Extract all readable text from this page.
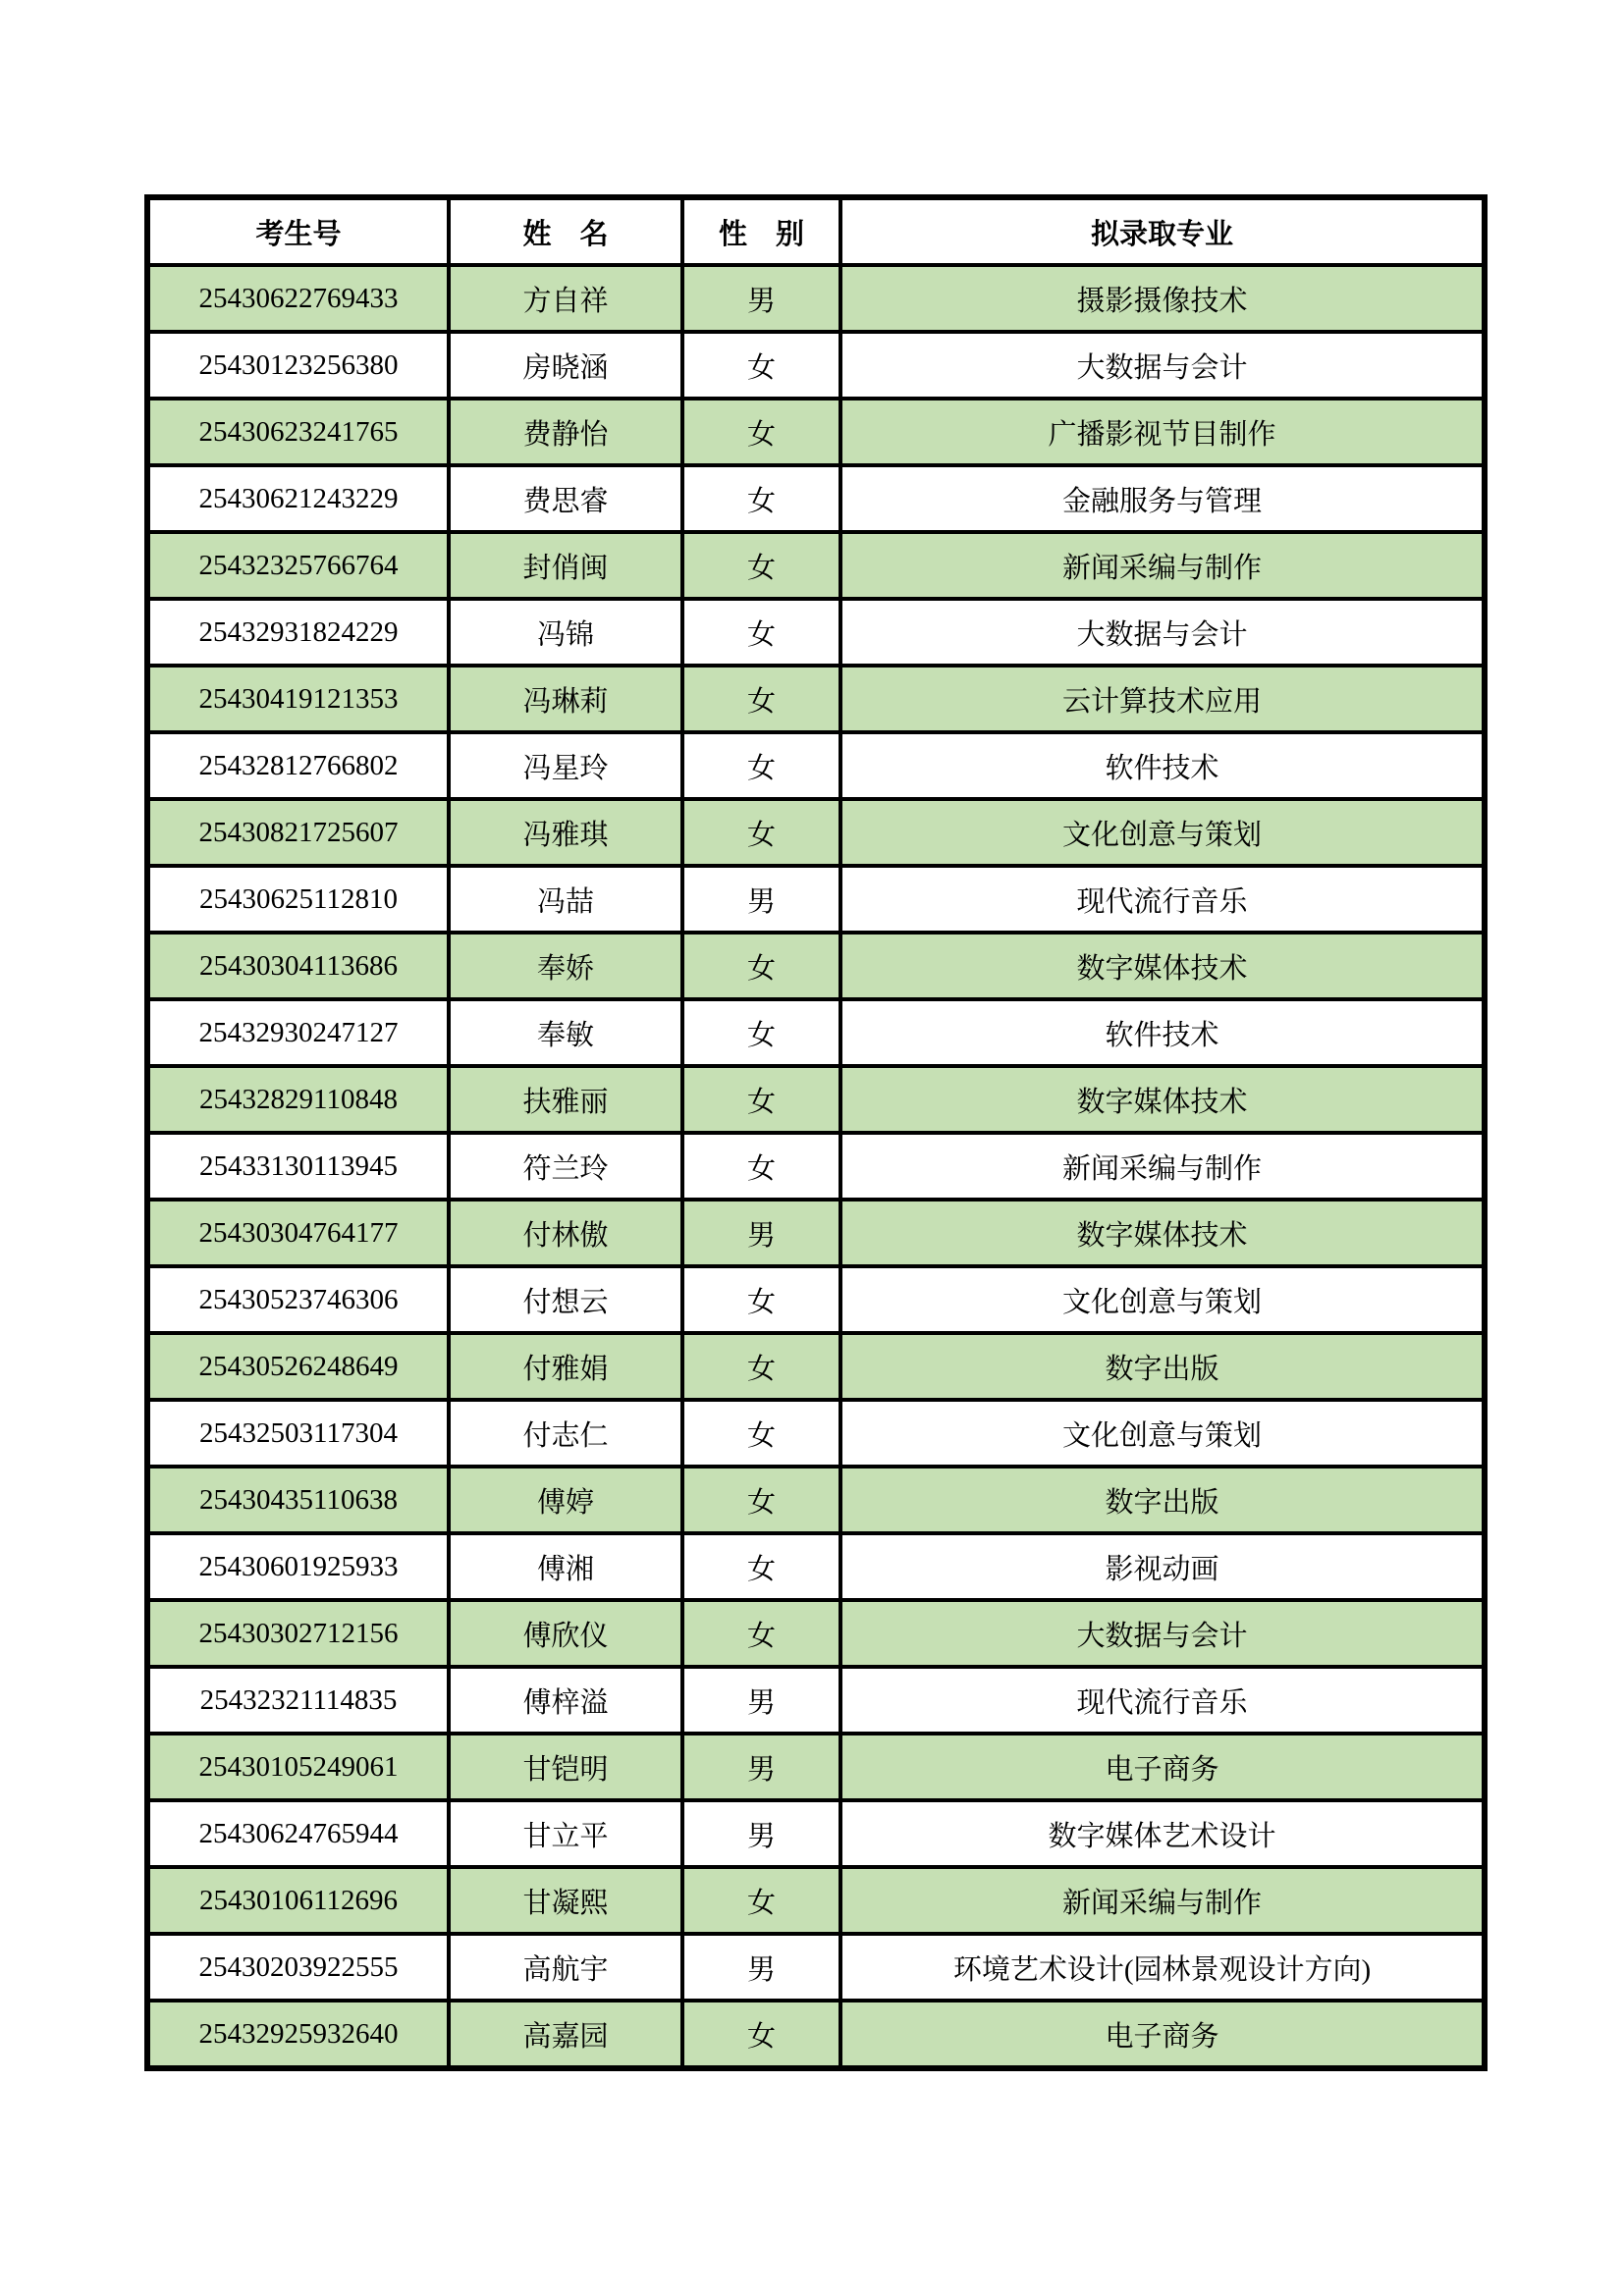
考生号	姓　名	性　别	拟录取专业
25430622769433	方自祥	男	摄影摄像技术
25430123256380	房晓涵	女	大数据与会计
25430623241765	费静怡	女	广播影视节目制作
25430621243229	费思睿	女	金融服务与管理
25432325766764	封俏闽	女	新闻采编与制作
25432931824229	冯锦	女	大数据与会计
25430419121353	冯琳莉	女	云计算技术应用
25432812766802	冯星玲	女	软件技术
25430821725607	冯雅琪	女	文化创意与策划
25430625112810	冯喆	男	现代流行音乐
25430304113686	奉娇	女	数字媒体技术
25432930247127	奉敏	女	软件技术
25432829110848	扶雅丽	女	数字媒体技术
25433130113945	符兰玲	女	新闻采编与制作
25430304764177	付林傲	男	数字媒体技术
25430523746306	付想云	女	文化创意与策划
25430526248649	付雅娟	女	数字出版
25432503117304	付志仁	女	文化创意与策划
25430435110638	傅婷	女	数字出版
25430601925933	傅湘	女	影视动画
25430302712156	傅欣仪	女	大数据与会计
25432321114835	傅梓溢	男	现代流行音乐
25430105249061	甘铠明	男	电子商务
25430624765944	甘立平	男	数字媒体艺术设计
25430106112696	甘凝熙	女	新闻采编与制作
25430203922555	高航宇	男	环境艺术设计(园林景观设计方向)
25432925932640	高嘉园	女	电子商务
